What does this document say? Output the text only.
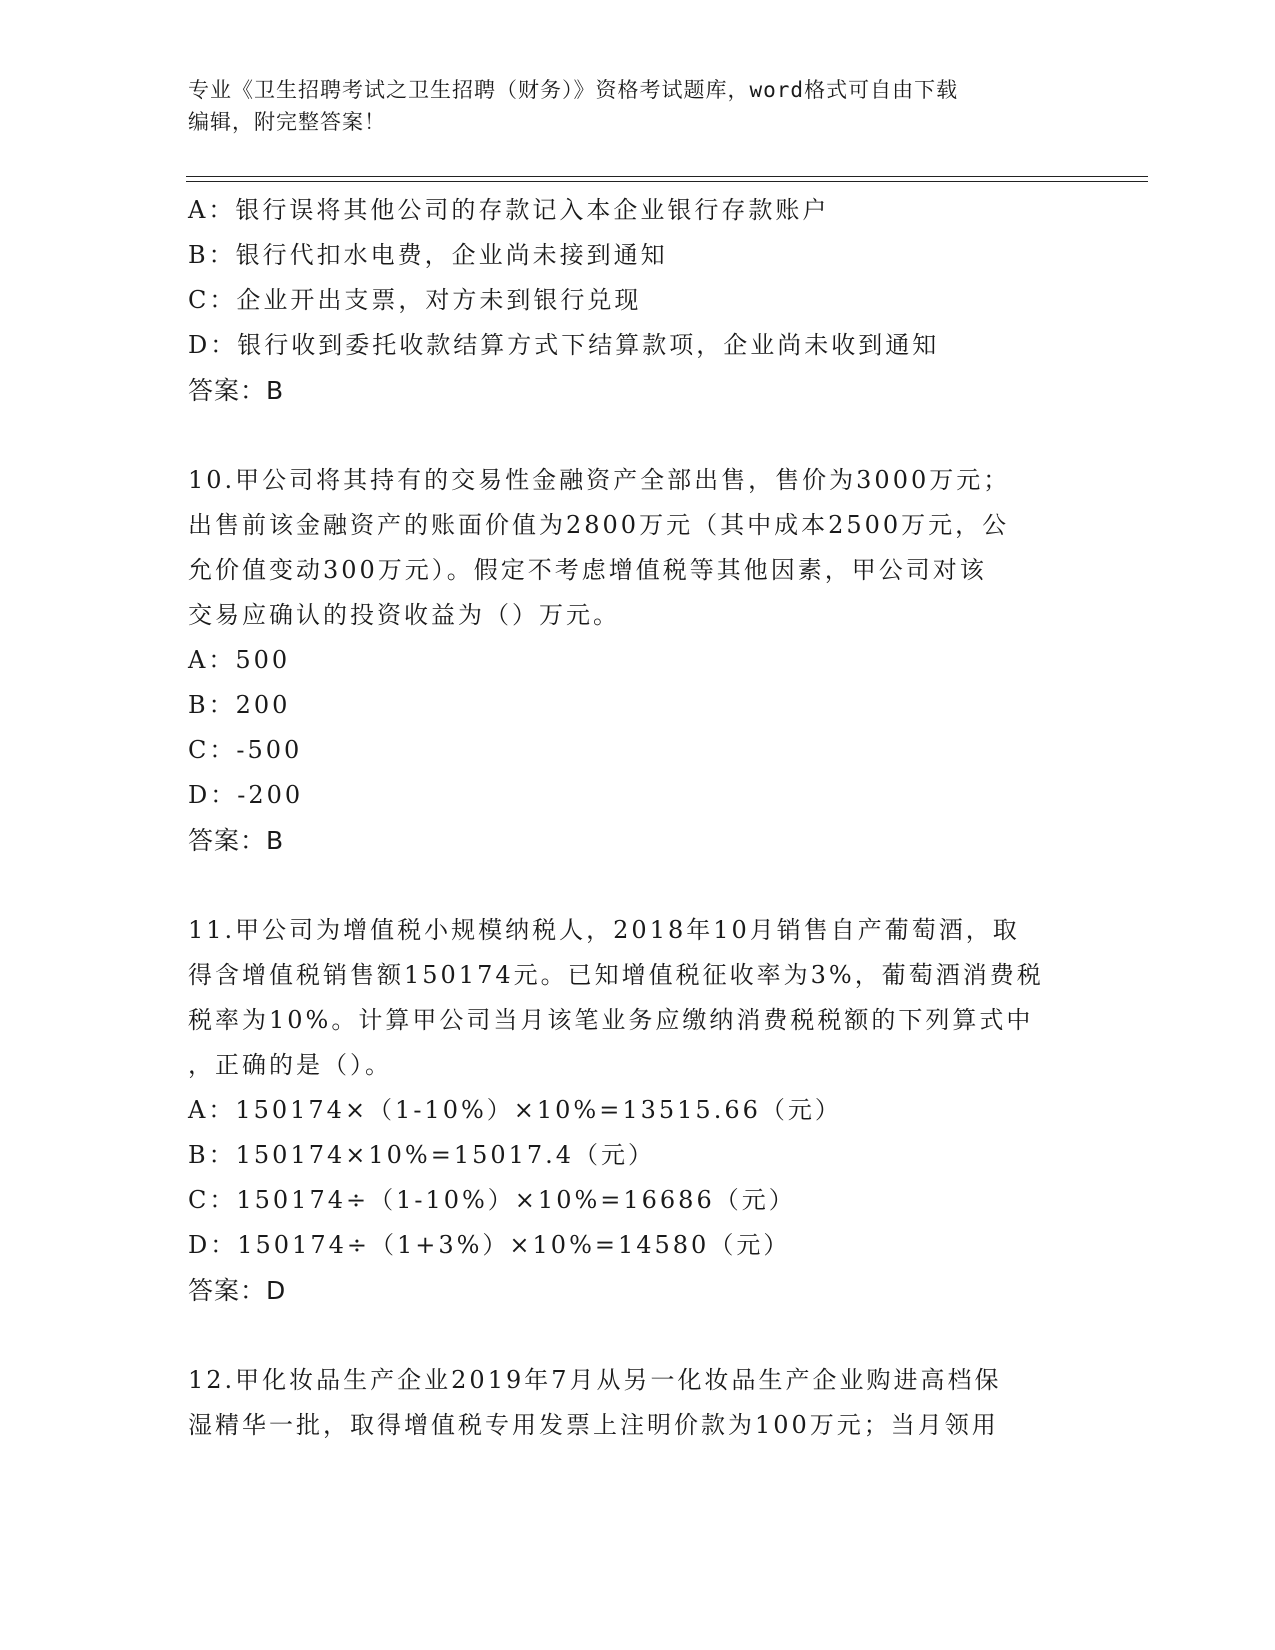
专业《卫生招聘考试之卫生招聘（财务）》资格考试题库，word格式可自由下载
编辑，附完整答案！
A：银行误将其他公司的存款记入本企业银行存款账户
B：银行代扣水电费，企业尚未接到通知
C：企业开出支票，对方未到银行兑现
D：银行收到委托收款结算方式下结算款项，企业尚未收到通知
答案：B
10.甲公司将其持有的交易性金融资产全部出售，售价为3000万元；
出售前该金融资产的账面价值为2800万元（其中成本2500万元，公
允价值变动300万元）。假定不考虑增值税等其他因素，甲公司对该
交易应确认的投资收益为（）万元。
A：500
B：200
C：-500
D：-200
答案：B
11.甲公司为增值税小规模纳税人，2018年10月销售自产葡萄酒，取
得含增值税销售额150174元。已知增值税征收率为3%，葡萄酒消费税
税率为10%。计算甲公司当月该笔业务应缴纳消费税税额的下列算式中
，正确的是（）。
A：150174×（1-10%）×10%=13515.66（元）
B：150174×10%=15017.4（元）
C：150174÷（1-10%）×10%=16686（元）
D：150174÷（1+3%）×10%=14580（元）
答案：D
12.甲化妆品生产企业2019年7月从另一化妆品生产企业购进高档保
湿精华一批，取得增值税专用发票上注明价款为100万元；当月领用
